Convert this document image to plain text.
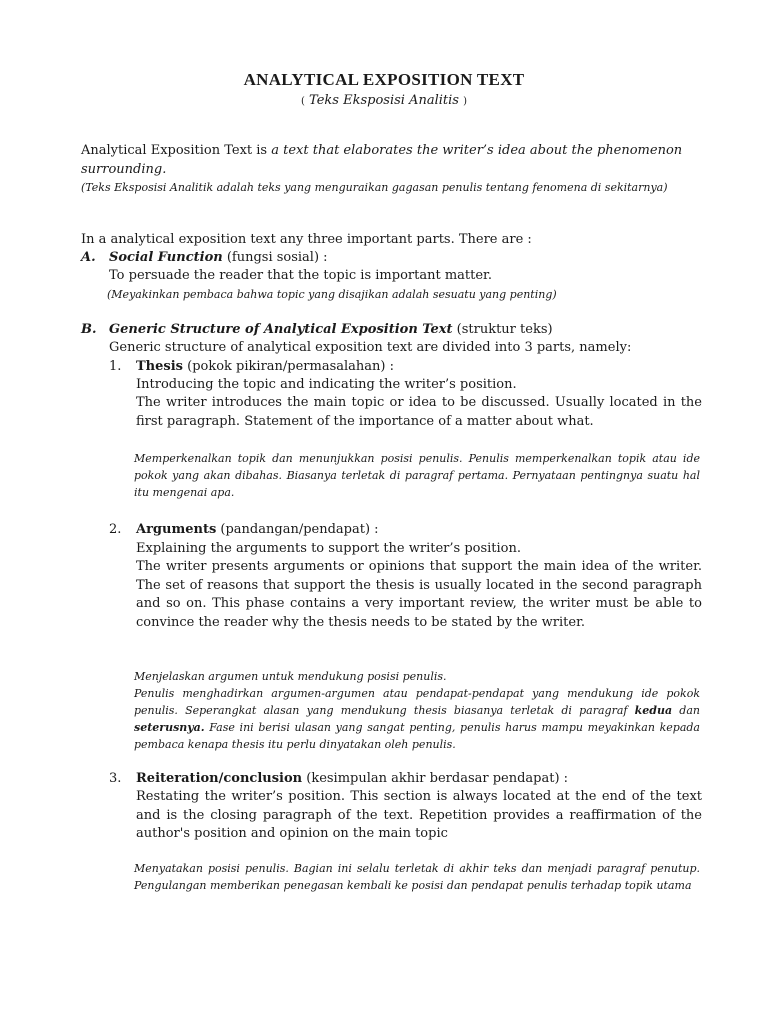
ANALYTICAL EXPOSITION TEXT
( Teks Eksposisi Analitis )
Analytical Exposition Text is a text that elaborates the writer’s idea about the phenomenon surrounding.
(Teks Eksposisi Analitik adalah teks yang menguraikan gagasan penulis tentang fenomena di sekitarnya)
In a analytical exposition text any three important parts. There are :
A. Social Function (fungsi sosial) :
To persuade the reader that the topic is important matter.
(Meyakinkan pembaca bahwa topic yang disajikan adalah sesuatu yang penting)
B. Generic Structure of Analytical Exposition Text (struktur teks)
Generic structure of analytical exposition text are divided into 3 parts, namely:
1. Thesis (pokok pikiran/permasalahan) :
Introducing the topic and indicating the writer’s position.
The writer introduces the main topic or idea to be discussed. Usually located in the first paragraph. Statement of the importance of a matter about what.
Memperkenalkan topik dan menunjukkan posisi penulis. Penulis memperkenalkan topik atau ide pokok yang akan dibahas. Biasanya terletak di paragraf pertama. Pernyataan pentingnya suatu hal itu mengenai apa.
2. Arguments (pandangan/pendapat) :
Explaining the arguments to support the writer’s position.
The writer presents arguments or opinions that support the main idea of the writer. The set of reasons that support the thesis is usually located in the second paragraph and so on. This phase contains a very important review, the writer must be able to convince the reader why the thesis needs to be stated by the writer.
Menjelaskan argumen untuk mendukung posisi penulis.
Penulis menghadirkan argumen-argumen atau pendapat-pendapat yang mendukung ide pokok penulis. Seperangkat alasan yang mendukung thesis biasanya terletak di paragraf kedua dan seterusnya. Fase ini berisi ulasan yang sangat penting, penulis harus mampu meyakinkan kepada pembaca kenapa thesis itu perlu dinyatakan oleh penulis.
3. Reiteration/conclusion (kesimpulan akhir berdasar pendapat) :
Restating the writer’s position. This section is always located at the end of the text and is the closing paragraph of the text. Repetition provides a reaffirmation of the author's position and opinion on the main topic
Menyatakan posisi penulis. Bagian ini selalu terletak di akhir teks dan menjadi paragraf penutup. Pengulangan memberikan penegasan kembali ke posisi dan pendapat penulis terhadap topik utama
